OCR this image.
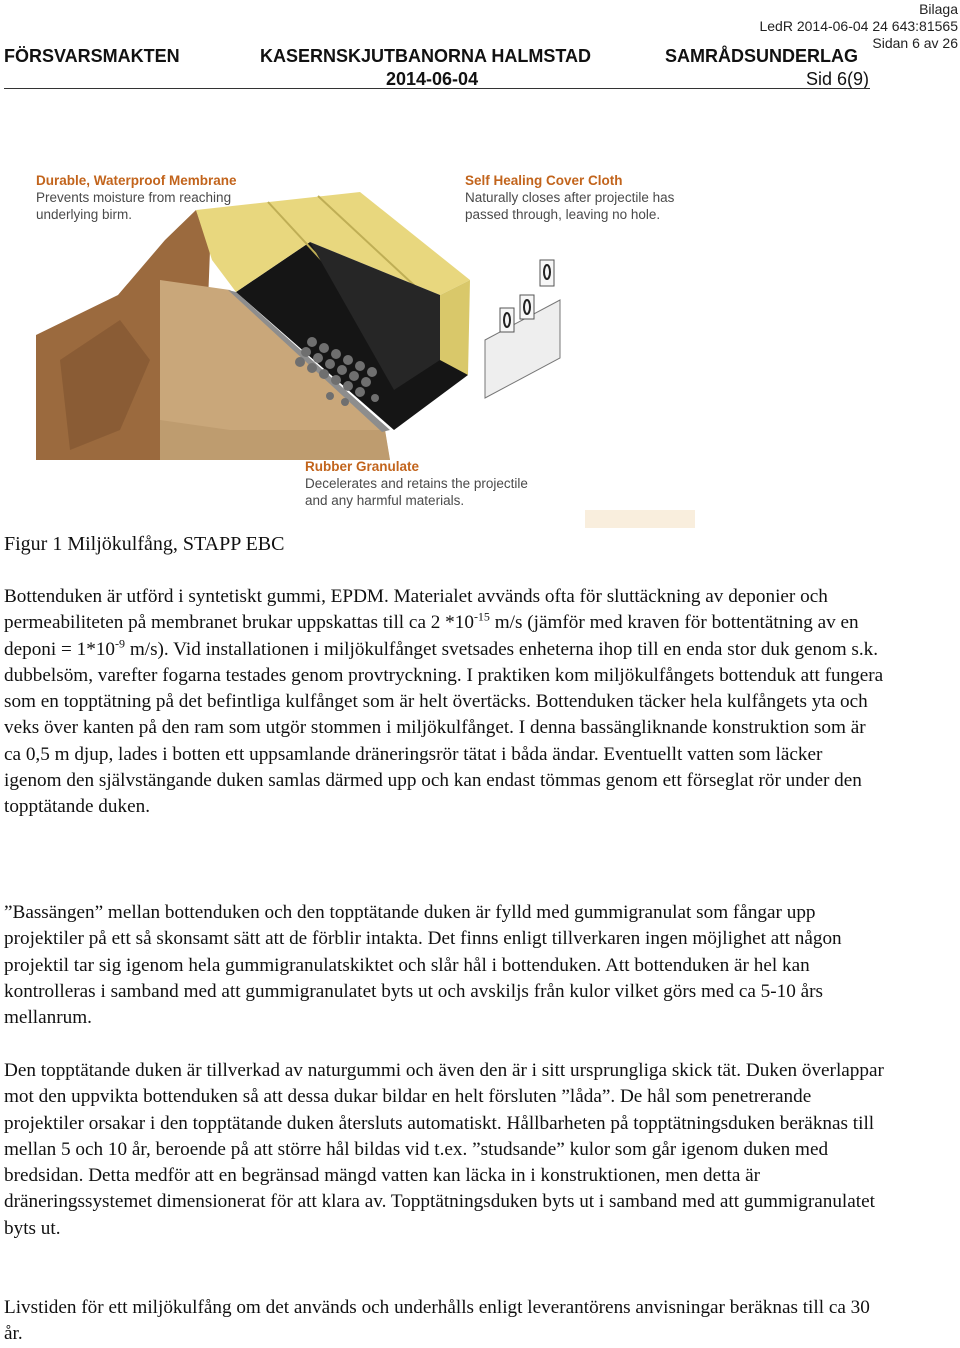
Bilaga
LedR 2014-06-04 24 643:81565
Sidan 6 av 26
FÖRSVARSMAKTEN	KASERNSKJUTBANORNA HALMSTAD	SAMRÅDSUNDERLAG
2014-06-04	Sid 6(9)
Durable, Waterproof Membrane
Prevents moisture from reaching
underlying birm.
Self Healing Cover Cloth
Naturally closes after projectile has
passed through, leaving no hole.
Rubber Granulate
Decelerates and retains the projectile
and any harmful materials.
Figur 1 Miljökulfång, STAPP EBC

Bottenduken är utförd i syntetiskt gummi, EPDM. Materialet avvänds ofta för sluttäckning av deponier och permeabiliteten på membranet brukar uppskattas till ca 2 $*10^{-15}$ m/s (jämför med kraven för bottentätning av en deponi = $1*10^{-9}$ m/s). Vid installationen i miljökulfånget svetsades enheterna ihop till en enda stor duk genom s.k. dubbelsöm, varefter fogarna testades genom provtryckning. I praktiken kom miljökulfångets bottenduk att fungera som en topptätning på det befintliga kulfånget som är helt övertäcks. Bottenduken täcker hela kulfångets yta och veks över kanten på den ram som utgör stommen i miljökulfånget. I denna bassängliknande konstruktion som är ca 0,5 m djup, lades i botten ett uppsamlande dräneringsrör tätat i båda ändar. Eventuellt vatten som läcker igenom den självstängande duken samlas därmed upp och kan endast tömmas genom ett förseglat rör under den topptätande duken.

”Bassängen” mellan bottenduken och den topptätande duken är fylld med gummigranulat som fångar upp projektiler på ett så skonsamt sätt att de förblir intakta. Det finns enligt tillverkaren ingen möjlighet att någon projektil tar sig igenom hela gummigranulatskiktet och slår hål i bottenduken. Att bottenduken är hel kan kontrolleras i samband med att gummigranulatet byts ut och avskiljs från kulor vilket görs med ca 5-10 års mellanrum.

Den topptätande duken är tillverkad av naturgummi och även den är i sitt ursprungliga skick tät. Duken överlappar mot den uppvikta bottenduken så att dessa dukar bildar en helt försluten ”låda”. De hål som penetrerande projektiler orsakar i den topptätande duken återsluts automatiskt. Hållbarheten på topptätningsduken beräknas till mellan 5 och 10 år, beroende på att större hål bildas vid t.ex. ”studsande” kulor som går igenom duken med bredsidan. Detta medför att en begränsad mängd vatten kan läcka in i konstruktionen, men detta är dräneringssystemet dimensionerat för att klara av. Topptätningsduken byts ut i samband med att gummigranulatet byts ut.

Livstiden för ett miljökulfång om det används och underhålls enligt leverantörens anvisningar beräknas till ca 30 år.
